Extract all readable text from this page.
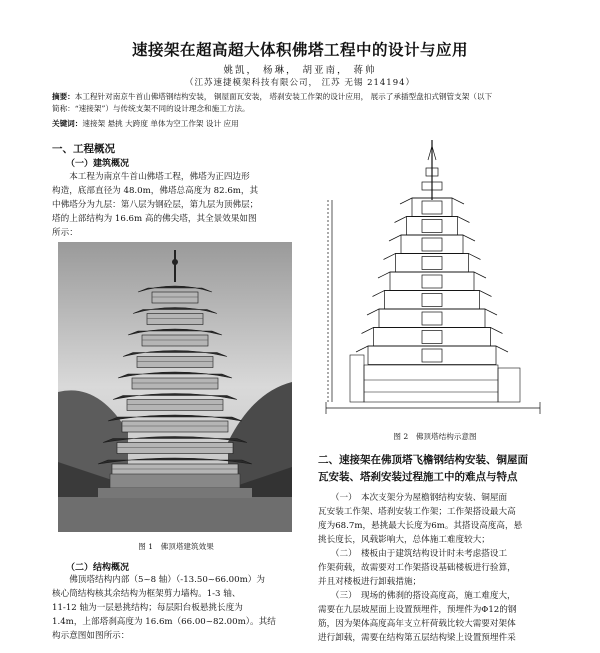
速接架在超高超大体积佛塔工程中的设计与应用
姚凯， 杨琳， 胡亚南， 蒋帅
（江苏速捷模架科技有限公司， 江苏 无锡 214194）
摘要：本工程针对南京牛首山佛塔钢结构安装， 铜屋面瓦安装， 塔刹安装工作架的设计应用， 展示了承插型盘扣式钢管支架（以下
简称：“速接架”）与传统支架不同的设计理念和施工方法。
关键词：速接架 悬挑 大跨度 单体为空工作架 设计 应用
一、工程概况
（一）建筑概况
　　本工程为南京牛首山佛塔工程，佛塔为正四边形
构造，底部直径为 48.0m，佛塔总高度为 82.6m，其
中佛塔分为九层：第八层为钢砼层，第九层为顶佛层；
塔的上部结构为 16.6m 高的佛尖塔，其全景效果如图
所示：
图 1　佛顶塔建筑效果
（二）结构概况
　　佛顶塔结构内部（5~8 轴）（-13.50~66.00m）为
核心筒结构核其余结构为框架剪力墙构。1-3 轴、
11-12 轴为一层悬挑结构；每层阳台板悬挑长度为
1.4m，上部塔刹高度为 16.6m（66.00~82.00m）。其结
构示意图如图所示：
图 2　佛顶塔结构示意图
二、速接架在佛顶塔飞檐钢结构安装、铜屋面
瓦安装、塔刹安装过程施工中的难点与特点
　　（一）　本次支架分为屋檐钢结构安装、铜屋面
瓦安装工作架、塔刹安装工作架；工作架搭设最大高
度为68.7m，悬挑最大长度为6m。其搭设高度高，悬
挑长度长，风载影响大，总体施工难度较大；
　　（二）　楼板由于建筑结构设计时未考虑搭设工
作架荷载，故需要对工作架搭设基础楼板进行验算，
并且对楼板进行卸载措施；
　　（三）　现场的佛刹的搭设高度高，施工难度大，
需要在九层坡屋面上设置预埋件，预埋件为Φ12的钢
筋，因为架体高度高年支立杆荷载比较大需要对架体
进行卸载，需要在结构第五层结构梁上设置预埋件采
